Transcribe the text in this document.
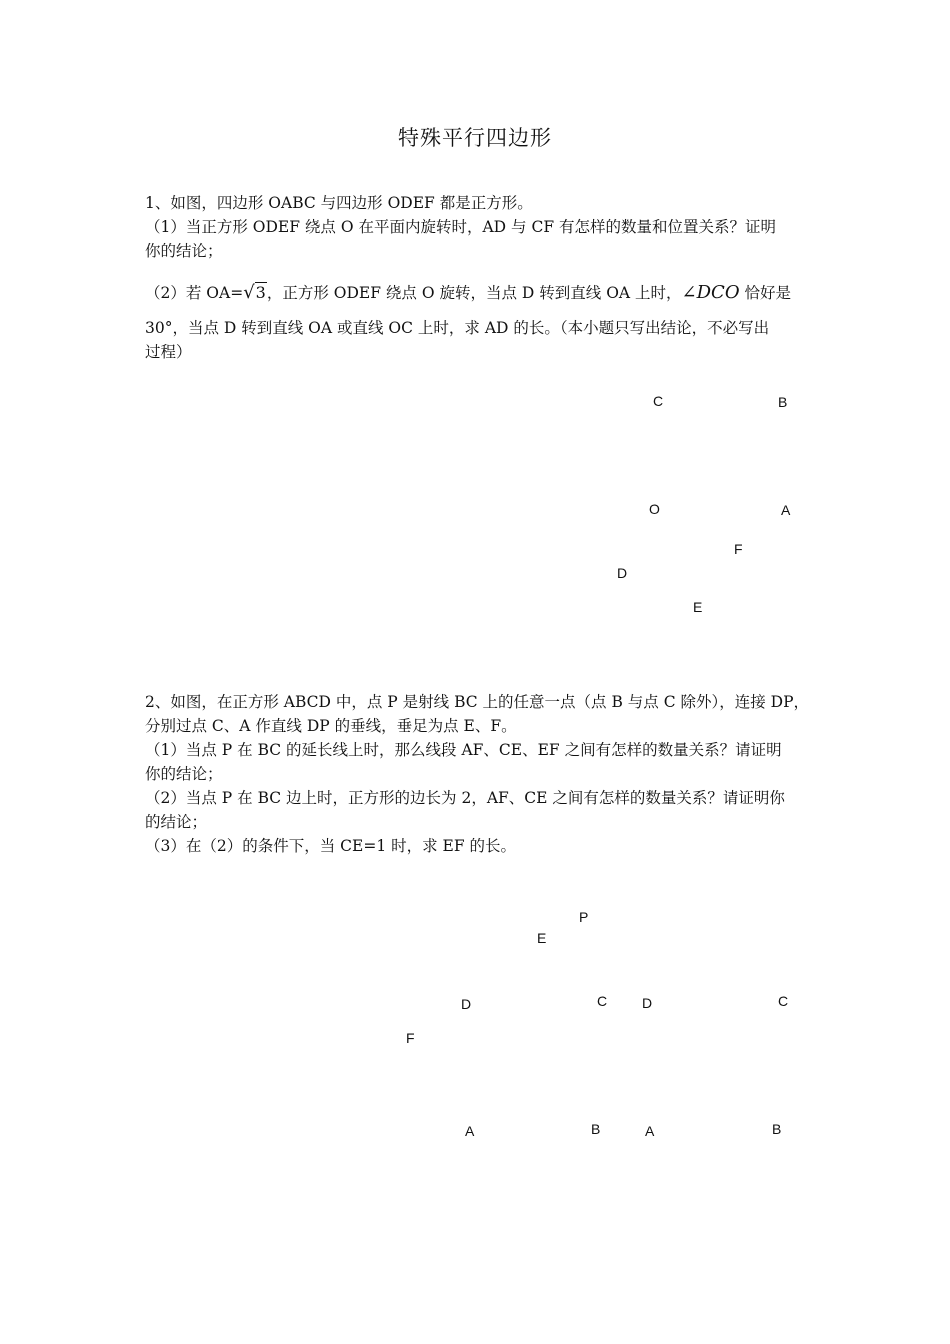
特殊平行四边形
1、如图，四边形 OABC 与四边形 ODEF 都是正方形。
（1）当正方形 ODEF 绕点 O 在平面内旋转时，AD 与 CF 有怎样的数量和位置关系？证明
你的结论；
（2）若 OA=√3，正方形 ODEF 绕点 O 旋转，当点 D 转到直线 OA 上时，∠DCO 恰好是
30°，当点 D 转到直线 OA 或直线 OC 上时，求 AD 的长。（本小题只写出结论，不必写出
过程）
C	B
O	A
F
D
E
2、如图，在正方形 ABCD 中，点 P 是射线 BC 上的任意一点（点 B 与点 C 除外），连接 DP，
分别过点 C、A 作直线 DP 的垂线，垂足为点 E、F。
（1）当点 P 在 BC 的延长线上时，那么线段 AF、CE、EF 之间有怎样的数量关系？请证明
你的结论；
（2）当点 P 在 BC 边上时，正方形的边长为 2，AF、CE 之间有怎样的数量关系？请证明你
的结论；
（3）在（2）的条件下，当 CE=1 时，求 EF 的长。
P
E
D	C
F
A	B
D	C
A	B
